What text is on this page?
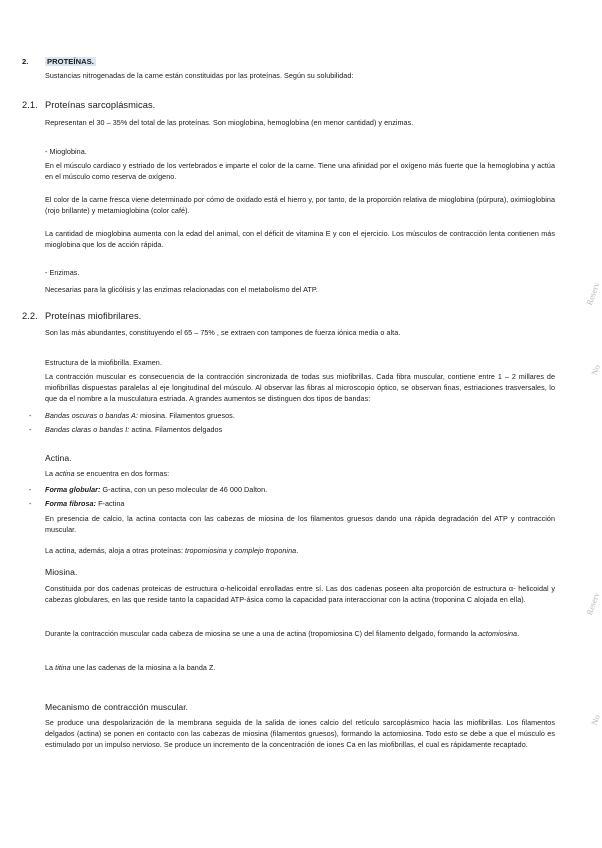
2. PROTEÍNAS.
Sustancias nitrogenadas de la carne están constituidas por las proteínas. Según su solubilidad:
2.1. Proteínas sarcoplásmicas.
Representan el 30 – 35% del total de las proteínas. Son mioglobina, hemoglobina (en menor cantidad) y enzimas.
- Mioglobina.
En el músculo cardiaco y estriado de los vertebrados e imparte el color de la carne. Tiene una afinidad por el oxígeno más fuerte que la hemoglobina y actúa en el músculo como reserva de oxígeno.
El color de la carne fresca viene determinado por cómo de oxidado está el hierro y, por tanto, de la proporción relativa de mioglobina (púrpura), oximioglobina (rojo brillante) y metamioglobina (color café).
La cantidad de mioglobina aumenta con la edad del animal, con el déficit de vitamina E y con el ejercicio. Los músculos de contracción lenta contienen más mioglobina que los de acción rápida.
- Enzimas.
Necesarias para la glicólisis y las enzimas relacionadas con el metabolismo del ATP.
2.2. Proteínas miofibrilares.
Son las más abundantes, constituyendo el 65 – 75% , se extraen con tampones de fuerza iónica media o alta.
Estructura de la miofibrilla. Examen.
La contracción muscular es consecuencia de la contracción sincronizada de todas sus miofibrillas. Cada fibra muscular, contiene entre 1 – 2 millares de miofibrillas dispuestas paralelas al eje longitudinal del músculo. Al observar las fibras al microscopio óptico, se observan finas, estriaciones trasversales, lo que da el nombre a la musculatura estriada. A grandes aumentos se distinguen dos tipos de bandas:
- Bandas oscuras o bandas A: miosina. Filamentos gruesos.
- Bandas claras o bandas I: actina. Filamentos delgados
Actina.
La actina se encuentra en dos formas:
- Forma globular: G-actina, con un peso molecular de 46 000 Dalton.
- Forma fibrosa: F-actina
En presencia de calcio, la actina contacta con las cabezas de miosina de los filamentos gruesos dando una rápida degradación del ATP y contracción muscular.
La actina, además, aloja a otras proteínas: tropomiosina y complejo troponina.
Miosina.
Constituida por dos cadenas proteicas de estructura α-helicoidal enrolladas entre sí. Las dos cadenas poseen alta proporción de estructura α- helicoidal y cabezas globulares, en las que reside tanto la capacidad ATP-ásica como la capacidad para interaccionar con la actina (troponina C alojada en ella).
Durante la contracción muscular cada cabeza de miosina se une a una de actina (tropomiosina C) del filamento delgado, formando la actomiosina.
La titina une las cadenas de la miosina a la banda Z.
Mecanismo de contracción muscular.
Se produce una despolarización de la membrana seguida de la salida de iones calcio del retículo sarcoplásmico hacia las miofibrillas. Los filamentos delgados (actina) se ponen en contacto con las cabezas de miosina (filamentos gruesos), formando la actomiosina. Todo esto se debe a que el músculo es estimulado por un impulso nervioso. Se produce un incremento de la concentración de iones Ca en las miofibrillas, el cual es rápidamente recaptado.
Reserv
No
Reserv
No
